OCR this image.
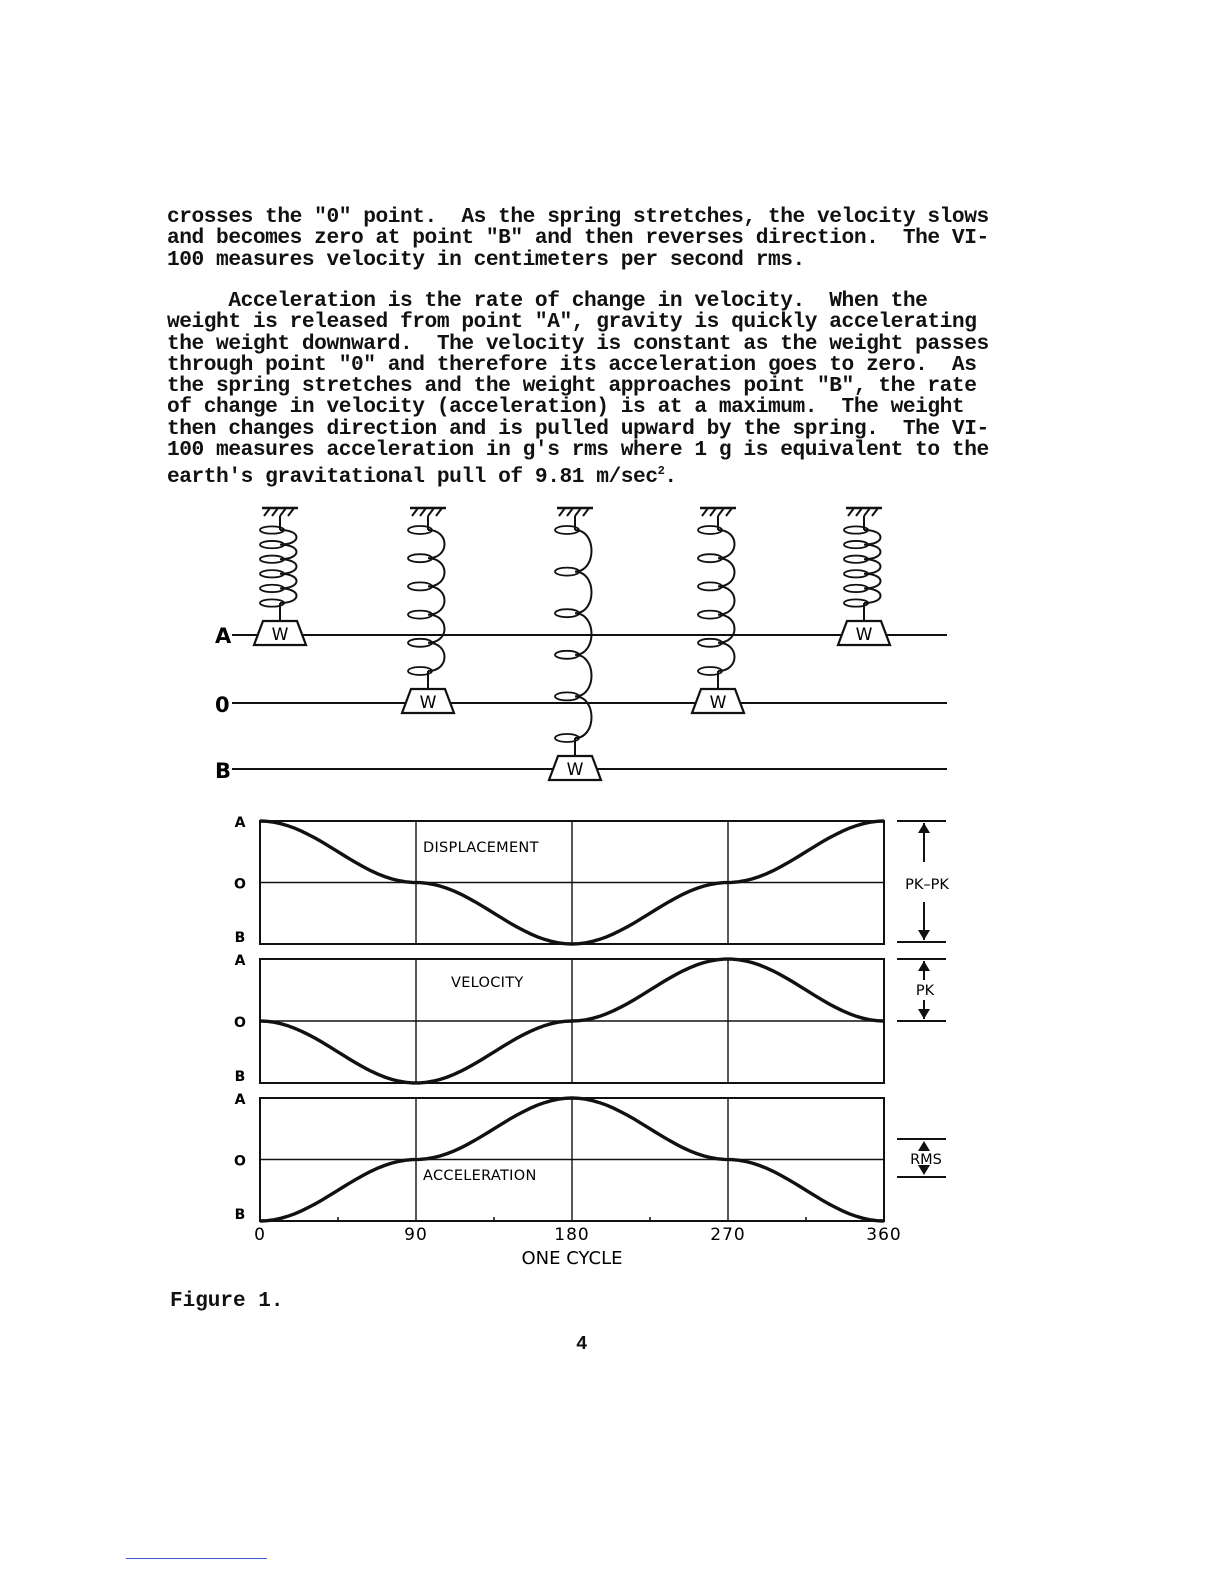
crosses the "0" point.  As the spring stretches, the velocity slows
and becomes zero at point "B" and then reverses direction.  The VI-
100 measures velocity in centimeters per second rms.
Acceleration is the rate of change in velocity.  When the
weight is released from point "A", gravity is quickly accelerating
the weight downward.  The velocity is constant as the weight passes
through point "0" and therefore its acceleration goes to zero.  As
the spring stretches and the weight approaches point "B", the rate
of change in velocity (acceleration) is at a maximum.  The weight
then changes direction and is pulled upward by the spring.  The VI-
100 measures acceleration in g's rms where 1 g is equivalent to the
earth's gravitational pull of 9.81 $m/\sec^2$.
A
0
B
W
W
W
W
W
A
O
B
DISPLACEMENT
A
O
B
VELOCITY
A
O
B
ACCELERATION
PK–PK
PK
RMS
0	90	180	270	360
ONE CYCLE
Figure 1.
4
